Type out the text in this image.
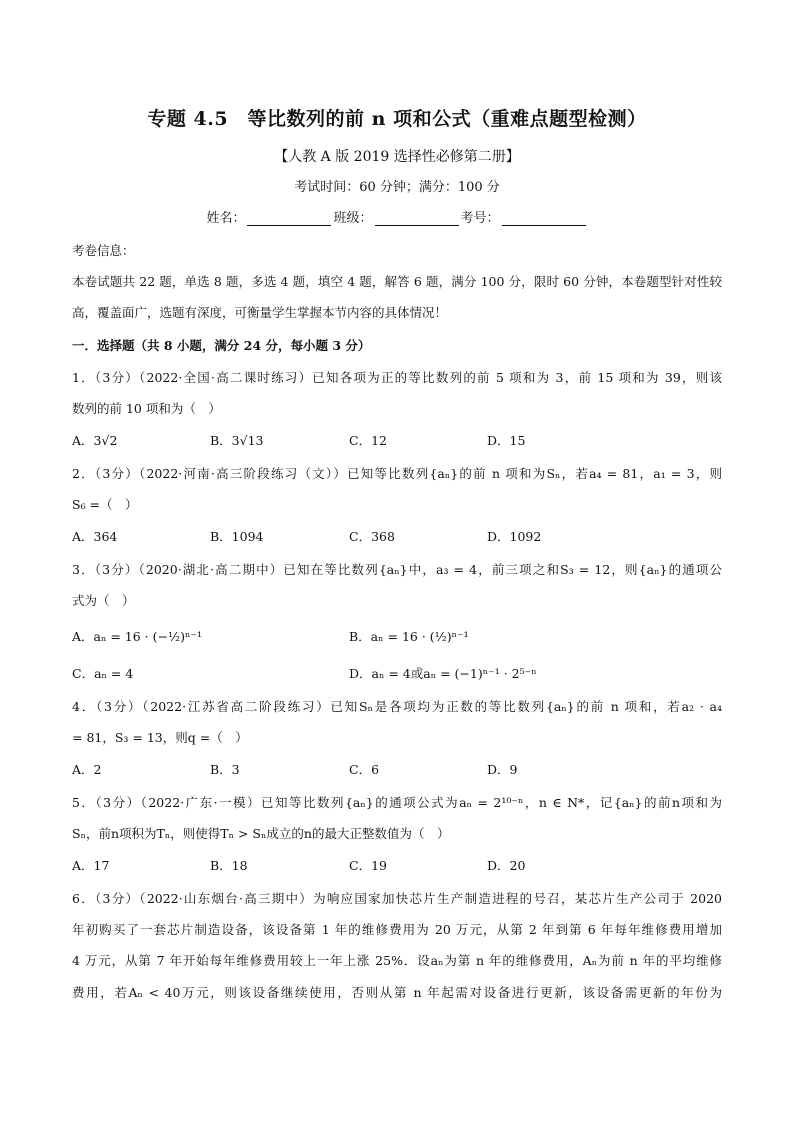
专题 4.5　等比数列的前 n 项和公式（重难点题型检测）
【人教 A 版 2019 选择性必修第二册】
考试时间：60 分钟；满分：100 分
姓名：	班级：	考号：
考卷信息：
本卷试题共 22 题，单选 8 题，多选 4 题，填空 4 题，解答 6 题，满分 100 分，限时 60 分钟，本卷题型针对性较
高，覆盖面广，选题有深度，可衡量学生掌握本节内容的具体情况！
一．选择题（共 8 小题，满分 24 分，每小题 3 分）
1．（3分）（2022·全国·高二课时练习）已知各项为正的等比数列的前 5 项和为 3，前 15 项和为 39，则该
数列的前 10 项和为（　）
A．3√2	B．3√13	C．12	D．15
2．（3分）（2022·河南·高三阶段练习（文））已知等比数列{aₙ}的前 n 项和为Sₙ，若a₄ = 81，a₁ = 3，则
S₆ =（　）
A．364	B．1094	C．368	D．1092
3．（3分）（2020·湖北·高二期中）已知在等比数列{aₙ}中，a₃ = 4，前三项之和S₃ = 12，则{aₙ}的通项公
式为（　）
A．aₙ = 16 · (−½)ⁿ⁻¹	B．aₙ = 16 · (½)ⁿ⁻¹
C．aₙ = 4	D．aₙ = 4或aₙ = (−1)ⁿ⁻¹ · 2⁵⁻ⁿ
4．（3分）（2022·江苏省高二阶段练习）已知Sₙ是各项均为正数的等比数列{aₙ}的前 n 项和，若a₂ · a₄
= 81，S₃ = 13，则q =（　）
A．2	B．3	C．6	D．9
5．（3分）（2022·广东·一模）已知等比数列{aₙ}的通项公式为aₙ = 2¹⁰⁻ⁿ，n ∈ N*，记{aₙ}的前n项和为
Sₙ，前n项积为Tₙ，则使得Tₙ > Sₙ成立的n的最大正整数值为（　）
A．17	B．18	C．19	D．20
6．（3分）（2022·山东烟台·高三期中）为响应国家加快芯片生产制造进程的号召，某芯片生产公司于 2020
年初购买了一套芯片制造设备，该设备第 1 年的维修费用为 20 万元，从第 2 年到第 6 年每年维修费用增加
4 万元，从第 7 年开始每年维修费用较上一年上涨 25%．设aₙ为第 n 年的维修费用，Aₙ为前 n 年的平均维修
费用，若Aₙ < 40万元，则该设备继续使用，否则从第 n 年起需对设备进行更新，该设备需更新的年份为
